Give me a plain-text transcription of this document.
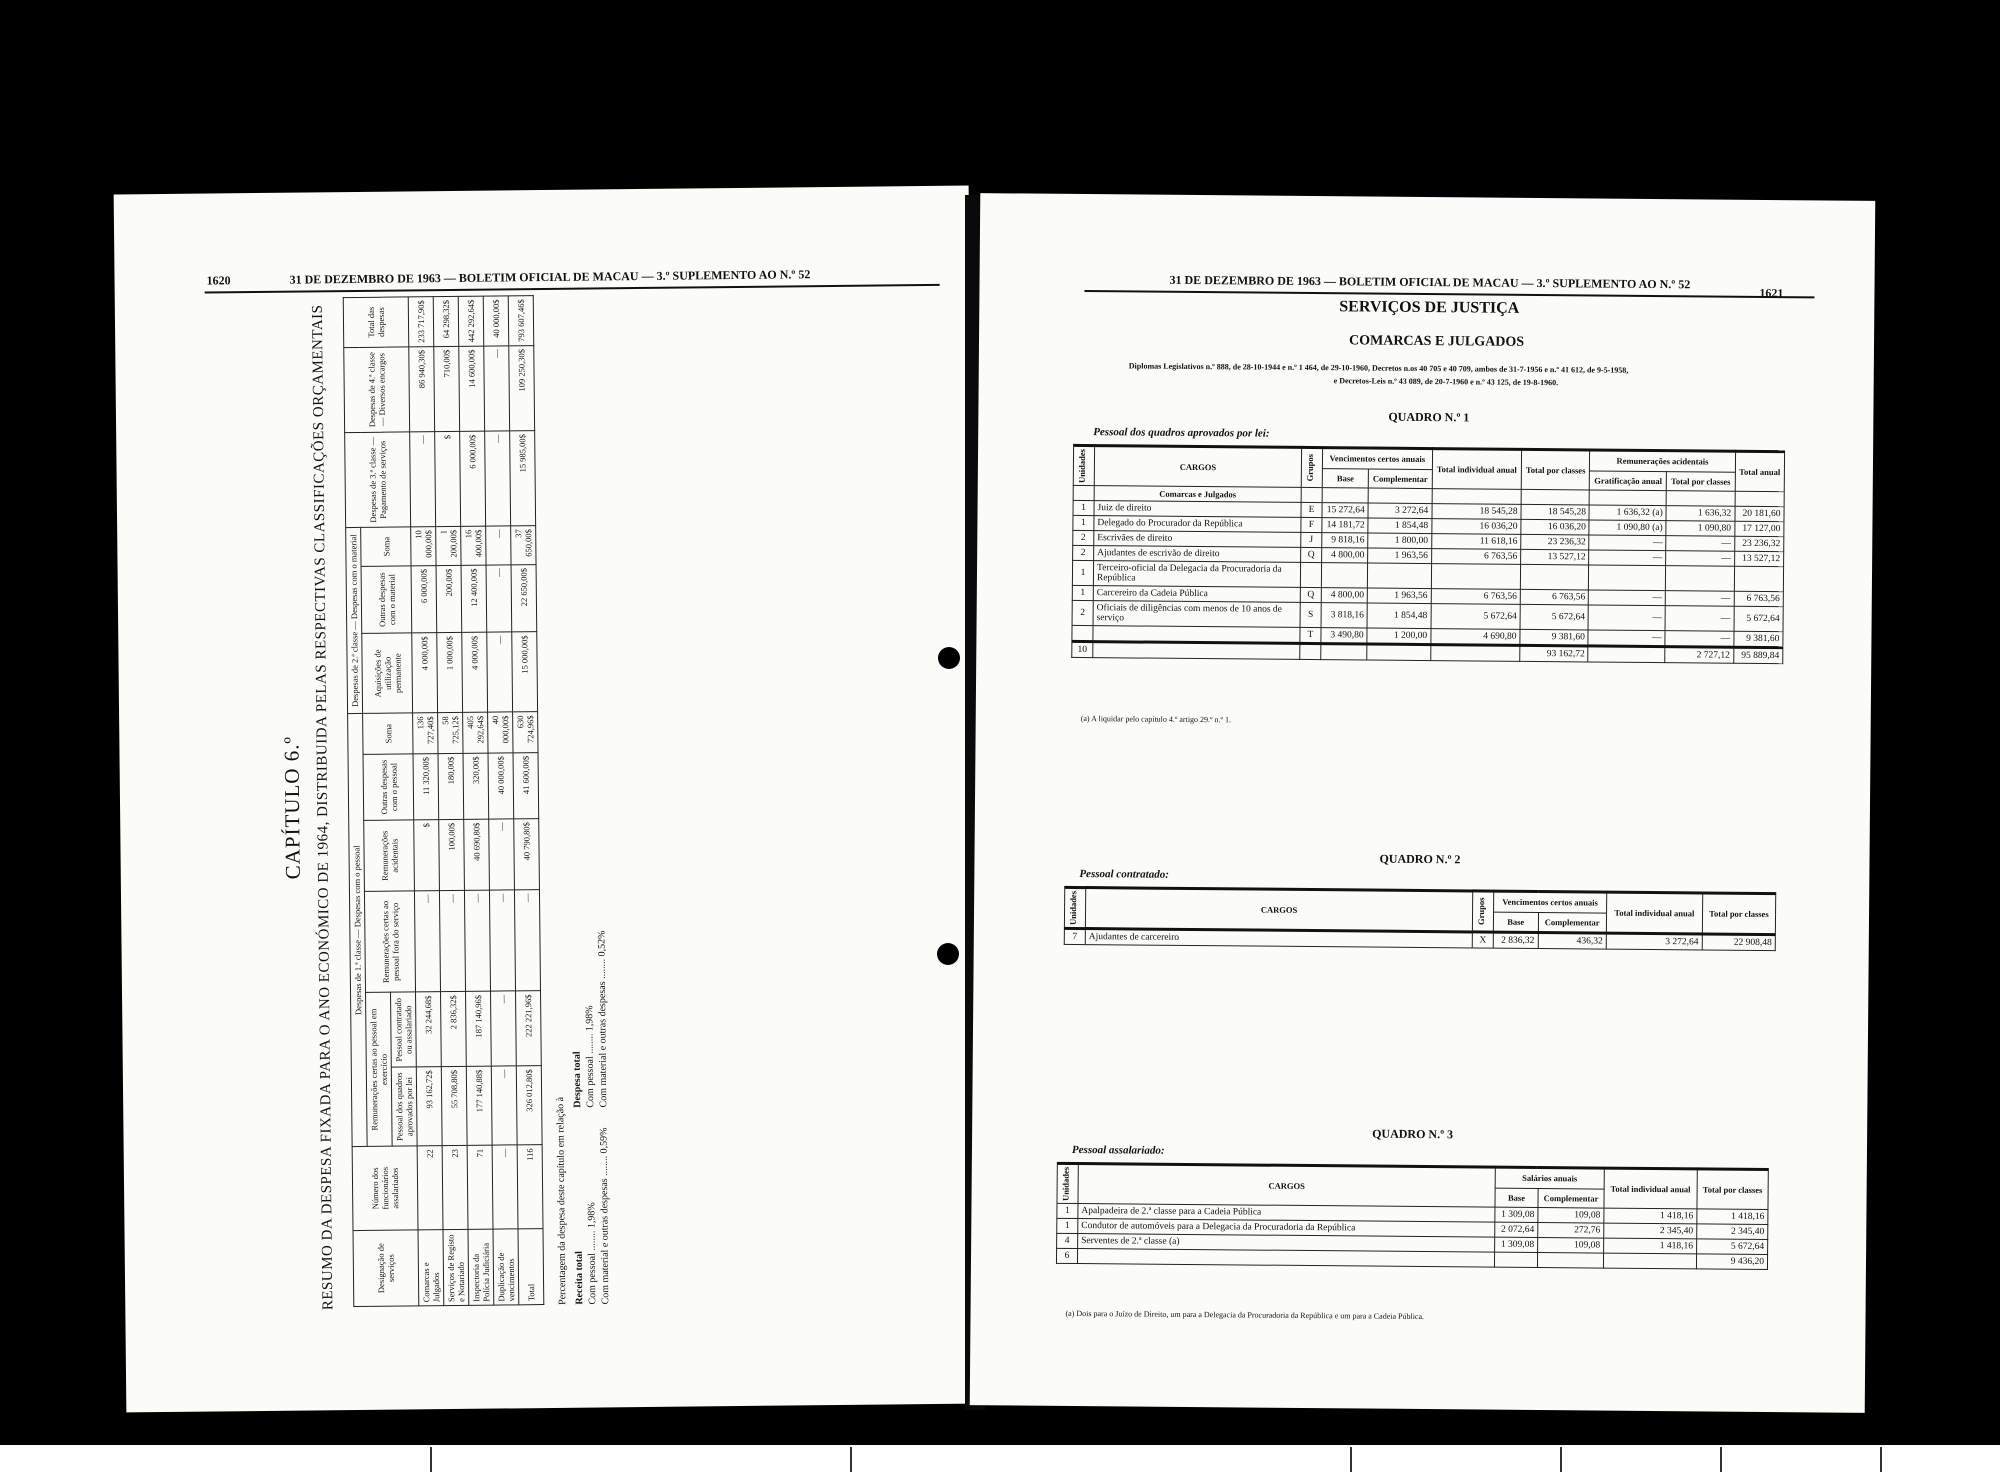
1620	31 DE DEZEMBRO DE 1963 — BOLETIM OFICIAL DE MACAU — 3.º SUPLEMENTO AO N.º 52
CAPÍTULO 6.º RESUMO DA DESPESA FIXADA PARA O ANO ECONÓMICO DE 1964, DISTRIBUIDA PELAS RESPECTIVAS CLASSIFICAÇÕES ORÇAMENTAIS	Designação de serviços	Número dos funcionários assalariados	Despesas de 1.ª classe — Despesas com o pessoal						Despesas de 2.ª classe — Despesas com o material			Despesas de 3.ª classe — Pagamento de serviços	Despesas de 4.ª classe — Diversos encargos	Total das despesas
		Remunerações certas ao pessoal em exercício		Remunerações certas ao pessoal fora do serviço	Remunerações acidentais	Outras despesas com o pessoal	Soma	Aquisições de utilização permanente	Outras despesas com o material	Soma			
		Pessoal dos quadros aprovados por lei	Pessoal contratado ou assalariado										
Comarcas e Julgados	22	93 162,72$	32 244,68$	—	$	11 320,00$	136 727,40$	4 000,00$	6 000,00$	10 000,00$	—	86 940,30$	233 717,90$
Serviços de Registo e Notariado	23	55 708,80$	2 836,32$	—	100,00$	180,00$	58 725,12$	1 000,00$	200,00$	1 200,00$	$	710,00$	64 298,32$
Inspectoria da Polícia Judiciária	71	177 140,88$	187 140,96$	—	40 690,80$	320,00$	405 292,64$	4 000,00$	12 400,00$	16 400,00$	6 000,00$	14 600,00$	442 292,64$
Duplicação de vencimentos	—	—	—	—	—	40 000,00$	40 000,00$	—	—	—	—	—	40 000,00$
Total	116	326 012,80$	222 221,96$	—	40 790,80$	41 600,00$	630 724,96$	15 000,00$	22 650,00$	37 650,00$	15 985,00$	109 250,30$	793 607,46$
Percentagem da despesa deste capítulo em relação à Receita total Com pessoal ........ 1,98% Com material e outras despesas ........ 0,59%
Despesa total Com pessoal ........ 1,98% Com material e outras despesas ........ 0,52%
31 DE DEZEMBRO DE 1963 — BOLETIM OFICIAL DE MACAU — 3.º SUPLEMENTO AO N.º 52
1621
SERVIÇOS DE JUSTIÇA
COMARCAS E JULGADOS
Diplomas Legislativos n.º 888, de 28-10-1944 e n.º 1 464, de 29-10-1960, Decretos n.os 40 705 e 40 709, ambos de 31-7-1956 e n.º 41 612, de 9-5-1958,
e Decretos-Leis n.º 43 089, de 20-7-1960 e n.º 43 125, de 19-8-1960.
QUADRO N.º 1
Pessoal dos quadros aprovados por lei:
Unidades	CARGOS	Grupos	Vencimentos certos anuais		Total individual anual	Total por classes	Remunerações acidentais		Total anual
			Base	Complementar			Gratificação anual	Total por classes	
	Comarcas e Julgados								
1	Juiz de direito	E	15 272,64	3 272,64	18 545,28	18 545,28	1 636,32 (a)	1 636,32	20 181,60
1	Delegado do Procurador da República	F	14 181,72	1 854,48	16 036,20	16 036,20	1 090,80 (a)	1 090,80	17 127,00
2	Escrivães de direito	J	9 818,16	1 800,00	11 618,16	23 236,32	—	—	23 236,32
2	Ajudantes de escrivão de direito	Q	4 800,00	1 963,56	6 763,56	13 527,12	—	—	13 527,12
1	Terceiro-oficial da Delegacia da Procuradoria da República								
1	Carcereiro da Cadeia Pública	Q	4 800,00	1 963,56	6 763,56	6 763,56	—	—	6 763,56
2	Oficiais de diligências com menos de 10 anos de serviço	S	3 818,16	1 854,48	5 672,64	5 672,64	—	—	5 672,64
		T	3 490,80	1 200,00	4 690,80	9 381,60	—	—	9 381,60
10						93 162,72		2 727,12	95 889,84
(a) A liquidar pelo capítulo 4.º artigo 29.º n.º 1.
QUADRO N.º 2
Pessoal contratado:
Unidades	CARGOS	Grupos	Vencimentos certos anuais		Total individual anual	Total por classes
			Base	Complementar		
7	Ajudantes de carcereiro	X	2 836,32	436,32	3 272,64	22 908,48
QUADRO N.º 3
Pessoal assalariado:
Unidades	CARGOS	Salários anuais		Total individual anual	Total por classes
		Base	Complementar		
1	Apalpadeira de 2.ª classe para a Cadeia Pública	1 309,08	109,08	1 418,16	1 418,16
1	Condutor de automóveis para a Delegacia da Procuradoria da República	2 072,64	272,76	2 345,40	2 345,40
4	Serventes de 2.ª classe (a)	1 309,08	109,08	1 418,16	5 672,64
6					9 436,20
(a) Dois para o Juízo de Direito, um para a Delegacia da Procuradoria da República e um para a Cadeia Pública.
